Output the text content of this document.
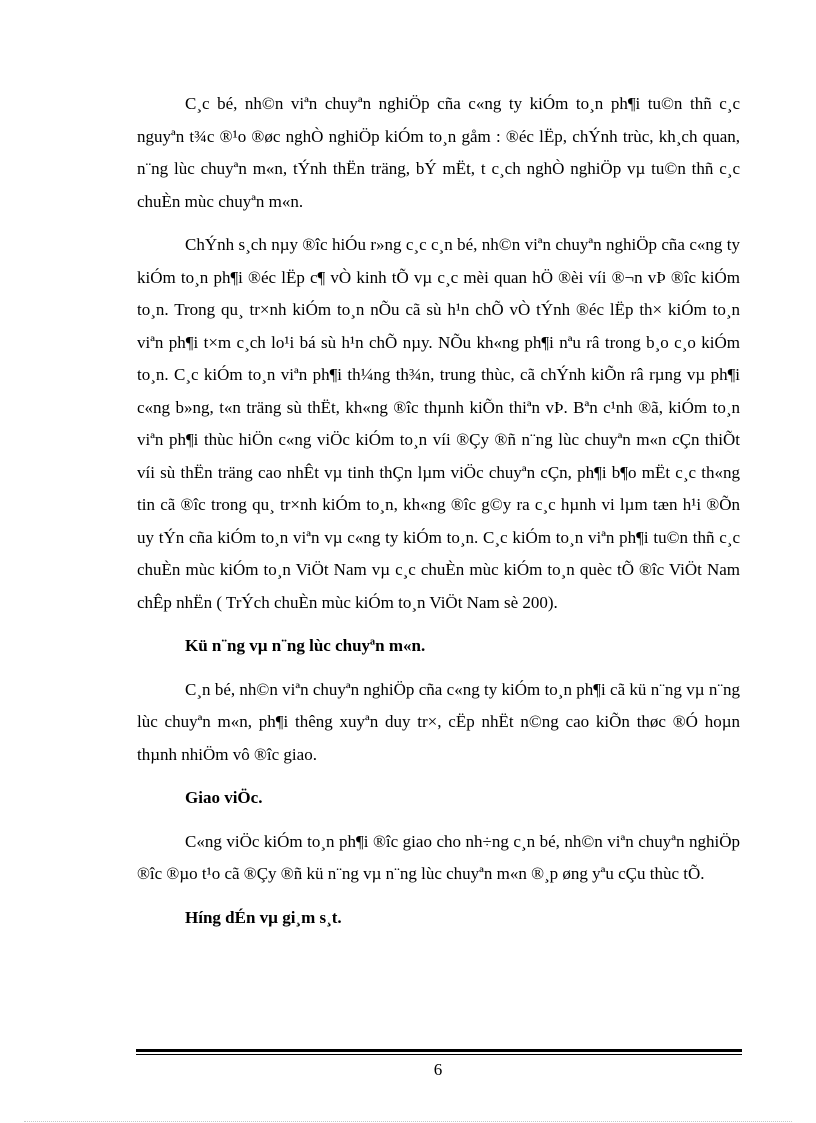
C¸c bé, nh©n viªn chuyªn nghiÖp cña c«ng ty kiÓm to¸n ph¶i tu©n thñ c¸c nguyªn t¾c ®¹o ®øc nghÒ nghiÖp kiÓm to¸n gåm : ®éc lËp, chÝnh trùc, kh¸ch quan, n¨ng lùc chuyªn m«n, tÝnh thËn träng, bÝ mËt, t c¸ch nghÒ nghiÖp vµ tu©n thñ c¸c chuÈn mùc chuyªn m«n.

ChÝnh s¸ch nµy ®îc hiÓu r»ng c¸c c¸n bé, nh©n viªn chuyªn nghiÖp cña c«ng ty kiÓm to¸n ph¶i ®éc lËp c¶ vÒ kinh tÕ vµ c¸c mèi quan hÖ ®èi víi ®¬n vÞ ®îc kiÓm to¸n. Trong qu¸ tr×nh kiÓm to¸n nÕu cã sù h¹n chÕ vÒ tÝnh ®éc lËp th× kiÓm to¸n viªn ph¶i t×m c¸ch lo¹i bá sù h¹n chÕ nµy. NÕu kh«ng ph¶i nªu râ trong b¸o c¸o kiÓm to¸n. C¸c kiÓm to¸n viªn ph¶i th¼ng th¾n, trung thùc, cã chÝnh kiÕn râ rµng vµ ph¶i c«ng b»ng, t«n träng sù thËt, kh«ng ®îc thµnh kiÕn thiªn vÞ. Bªn c¹nh ®ã, kiÓm to¸n viªn ph¶i thùc hiÖn c«ng viÖc kiÓm to¸n víi ®Çy ®ñ n¨ng lùc chuyªn m«n cÇn thiÕt víi sù thËn träng cao nhÊt vµ tinh thÇn lµm viÖc chuyªn cÇn, ph¶i b¶o mËt c¸c th«ng tin cã ®îc trong qu¸ tr×nh kiÓm to¸n, kh«ng ®îc g©y ra c¸c hµnh vi lµm tæn h¹i ®Õn uy tÝn cña kiÓm to¸n viªn vµ c«ng ty kiÓm to¸n. C¸c kiÓm to¸n viªn ph¶i tu©n thñ c¸c chuÈn mùc kiÓm to¸n ViÖt Nam vµ c¸c chuÈn mùc kiÓm to¸n quèc tÕ ®îc ViÖt Nam chÊp nhËn ( TrÝch chuÈn mùc kiÓm to¸n ViÖt Nam sè 200).

Kü n¨ng vµ n¨ng lùc chuyªn m«n.

C¸n bé, nh©n viªn chuyªn nghiÖp cña c«ng ty kiÓm to¸n ph¶i cã kü n¨ng vµ n¨ng lùc chuyªn m«n, ph¶i thêng xuyªn duy tr×, cËp nhËt n©ng cao kiÕn thøc ®Ó hoµn thµnh nhiÖm vô ®îc giao.

Giao viÖc.

C«ng viÖc kiÓm to¸n ph¶i ®îc giao cho nh÷ng c¸n bé, nh©n viªn chuyªn nghiÖp ®îc ®µo t¹o cã ®Çy ®ñ kü n¨ng vµ n¨ng lùc chuyªn m«n ®¸p øng yªu cÇu thùc tÕ.

Híng dÉn vµ gi¸m s¸t.

6
